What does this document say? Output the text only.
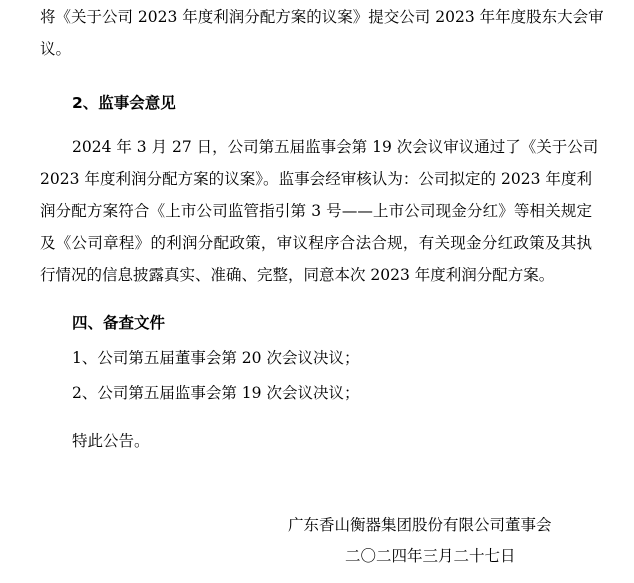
将《关于公司 2023 年度利润分配方案的议案》提交公司 2023 年年度股东大会审
议。
2、监事会意见
2024 年 3 月 27 日，公司第五届监事会第 19 次会议审议通过了《关于公司
2023 年度利润分配方案的议案》。监事会经审核认为：公司拟定的 2023 年度利
润分配方案符合《上市公司监管指引第 3 号——上市公司现金分红》等相关规定
及《公司章程》的利润分配政策，审议程序合法合规，有关现金分红政策及其执
行情况的信息披露真实、准确、完整，同意本次 2023 年度利润分配方案。
四、备查文件
1、公司第五届董事会第 20 次会议决议；
2、公司第五届监事会第 19 次会议决议；
特此公告。
广东香山衡器集团股份有限公司董事会
二〇二四年三月二十七日
